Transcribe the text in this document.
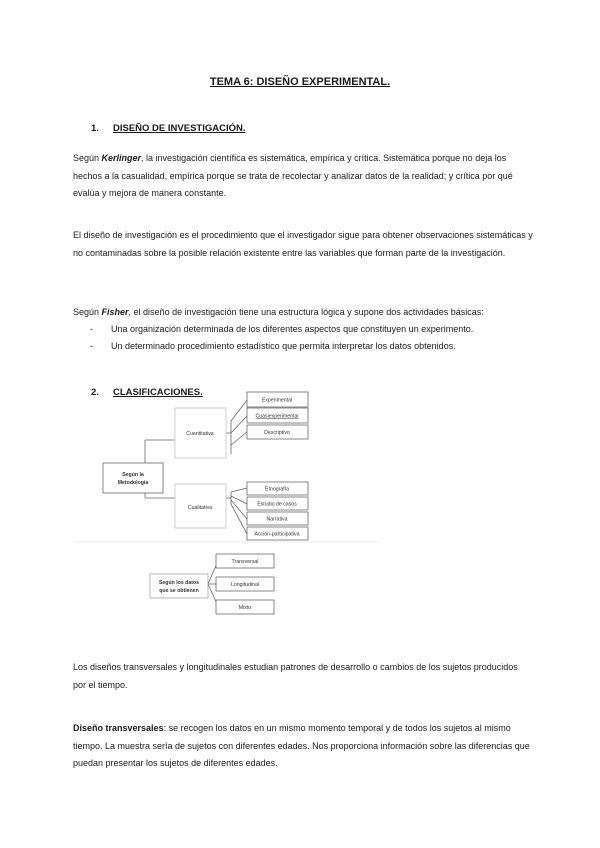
TEMA 6: DISEÑO EXPERIMENTAL.
1. DISEÑO DE INVESTIGACIÓN.
Según Kerlinger, la investigación científica es sistemática, empírica y crítica. Sistemática porque no deja los hechos a la casualidad, empírica porque se trata de recolectar y analizar datos de la realidad; y crítica por qué evalúa y mejora de manera constante.
El diseño de investigación es el procedimiento que el investigador sigue para obtener observaciones sistemáticas y no contaminadas sobre la posible relación existente entre las variables que forman parte de la investigación.
Según Fisher, el diseño de investigación tiene una estructura lógica y supone dos actividades básicas:
- Una organización determinada de los diferentes aspectos que constituyen un experimento.
- Un determinado procedimiento estadístico que permita interpretar los datos obtenidos.
2. CLASIFICACIONES.
Según la
Metodología
Cuantitativa
Cualitativa
Experimental
Cuasiexperimental
Descriptivo
Etnografía
Estudio de casos
Narrativa
Acción-participativa
Según los datos
que se obtienen
Transversal
Longitudinal
Mixto
Los diseños transversales y longitudinales estudian patrones de desarrollo o cambios de los sujetos producidos por el tiempo.
Diseño transversales: se recogen los datos en un mismo momento temporal y de todos los sujetos al mismo tiempo. La muestra sería de sujetos con diferentes edades. Nos proporciona información sobre las diferencias que puedan presentar los sujetos de diferentes edades.
